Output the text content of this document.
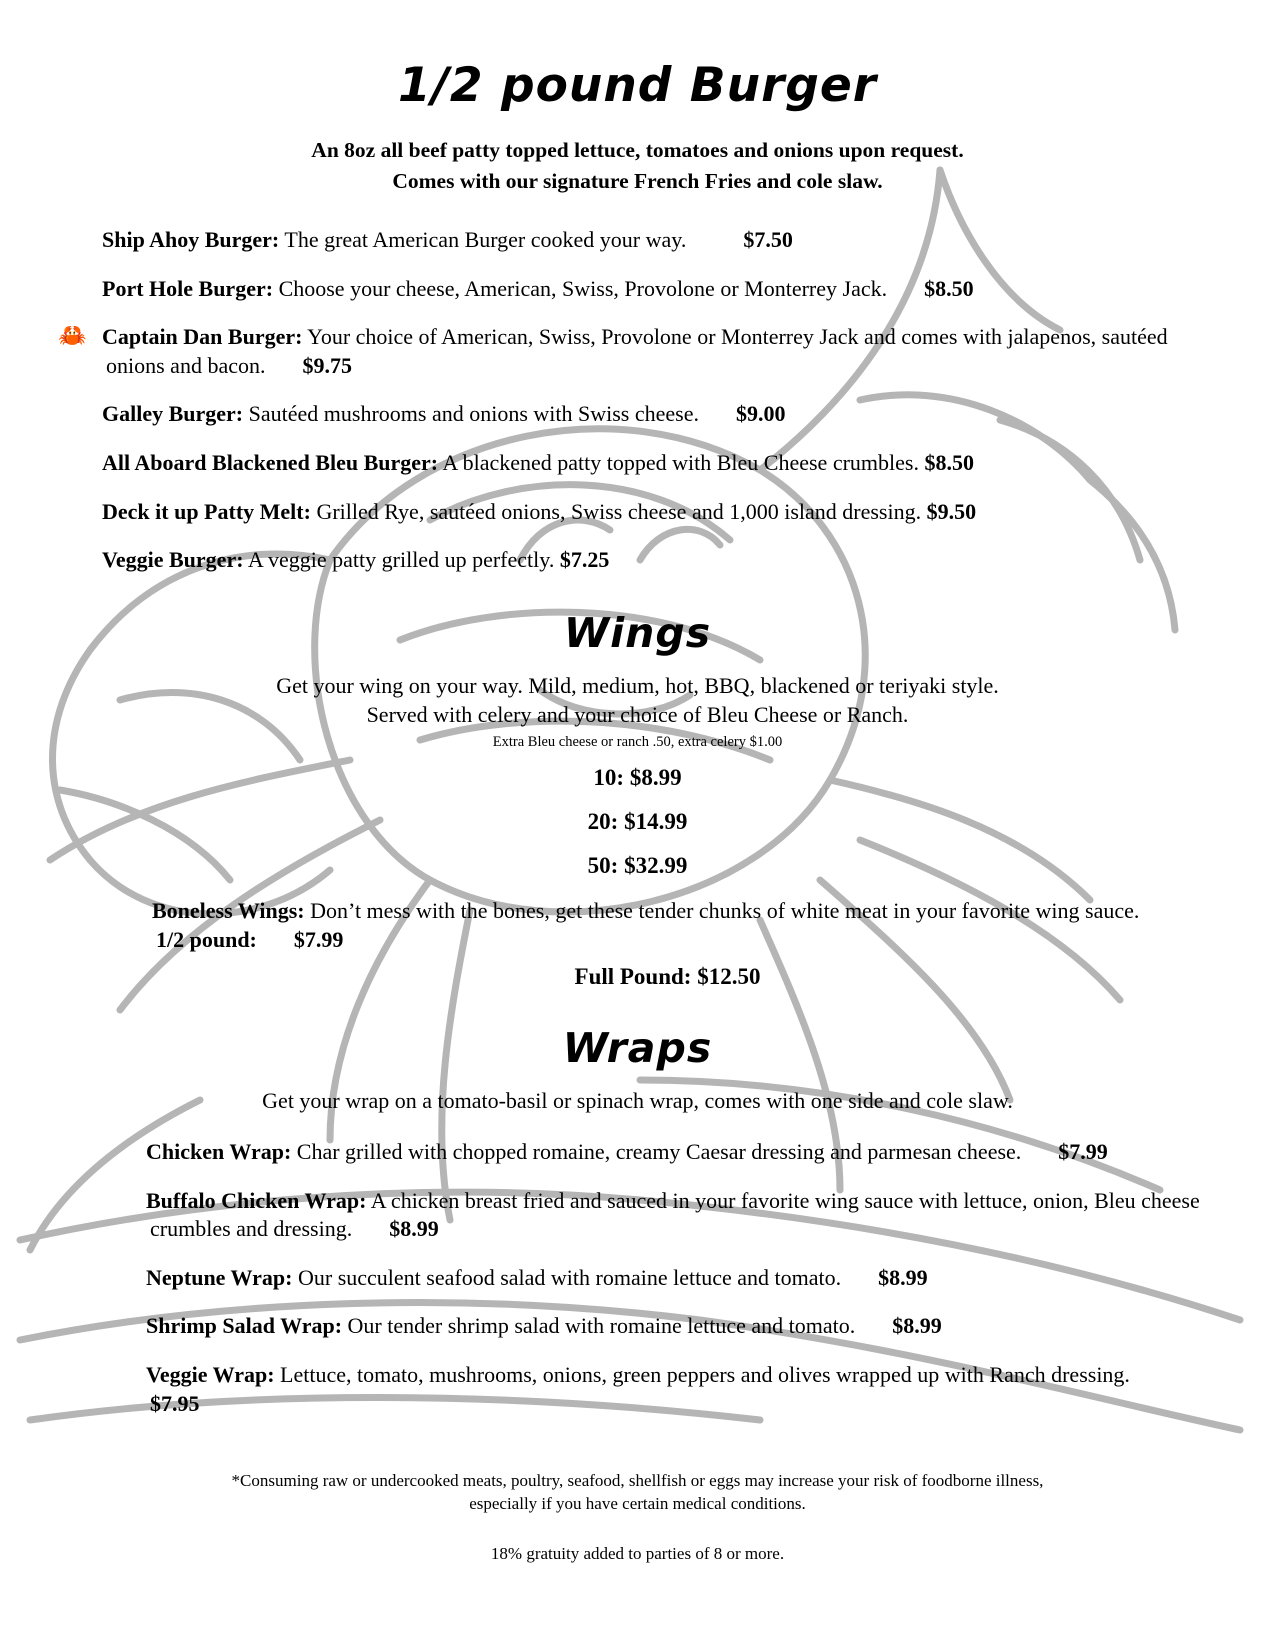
1/2 pound Burger
An 8oz all beef patty topped lettuce, tomatoes and onions upon request.
Comes with our signature French Fries and cole slaw.

Ship Ahoy Burger: The great American Burger cooked your way.	$7.50

Port Hole Burger: Choose your cheese, American, Swiss, Provolone or Monterrey Jack. $8.50

🦀 Captain Dan Burger: Your choice of American, Swiss, Provolone or Monterrey Jack and comes with jalapenos, sautéed onions and bacon. $9.75

Galley Burger: Sautéed mushrooms and onions with Swiss cheese. $9.00

All Aboard Blackened Bleu Burger: A blackened patty topped with Bleu Cheese crumbles. $8.50

Deck it up Patty Melt: Grilled Rye, sautéed onions, Swiss cheese and 1,000 island dressing. $9.50

Veggie Burger: A veggie patty grilled up perfectly. $7.25

Wings
Get your wing on your way. Mild, medium, hot, BBQ, blackened or teriyaki style.
Served with celery and your choice of Bleu Cheese or Ranch.
Extra Bleu cheese or ranch .50, extra celery $1.00
10: $8.99
20: $14.99
50: $32.99

Boneless Wings: Don’t mess with the bones, get these tender chunks of white meat in your favorite wing sauce.  1/2 pound: $7.99

Full Pound: $12.50
Wraps
Get your wrap on a tomato-basil or spinach wrap, comes with one side and cole slaw.

Chicken Wrap: Char grilled with chopped romaine, creamy Caesar dressing and parmesan cheese. $7.99

Buffalo Chicken Wrap: A chicken breast fried and sauced in your favorite wing sauce with lettuce, onion, Bleu cheese crumbles and dressing. $8.99

Neptune Wrap: Our succulent seafood salad with romaine lettuce and tomato. $8.99

Shrimp Salad Wrap: Our tender shrimp salad with romaine lettuce and tomato. $8.99

Veggie Wrap: Lettuce, tomato, mushrooms, onions, green peppers and olives wrapped up with Ranch dressing.  $7.95

*Consuming raw or undercooked meats, poultry, seafood, shellfish or eggs may increase your risk of foodborne illness,
especially if you have certain medical conditions.
18% gratuity added to parties of 8 or more.
